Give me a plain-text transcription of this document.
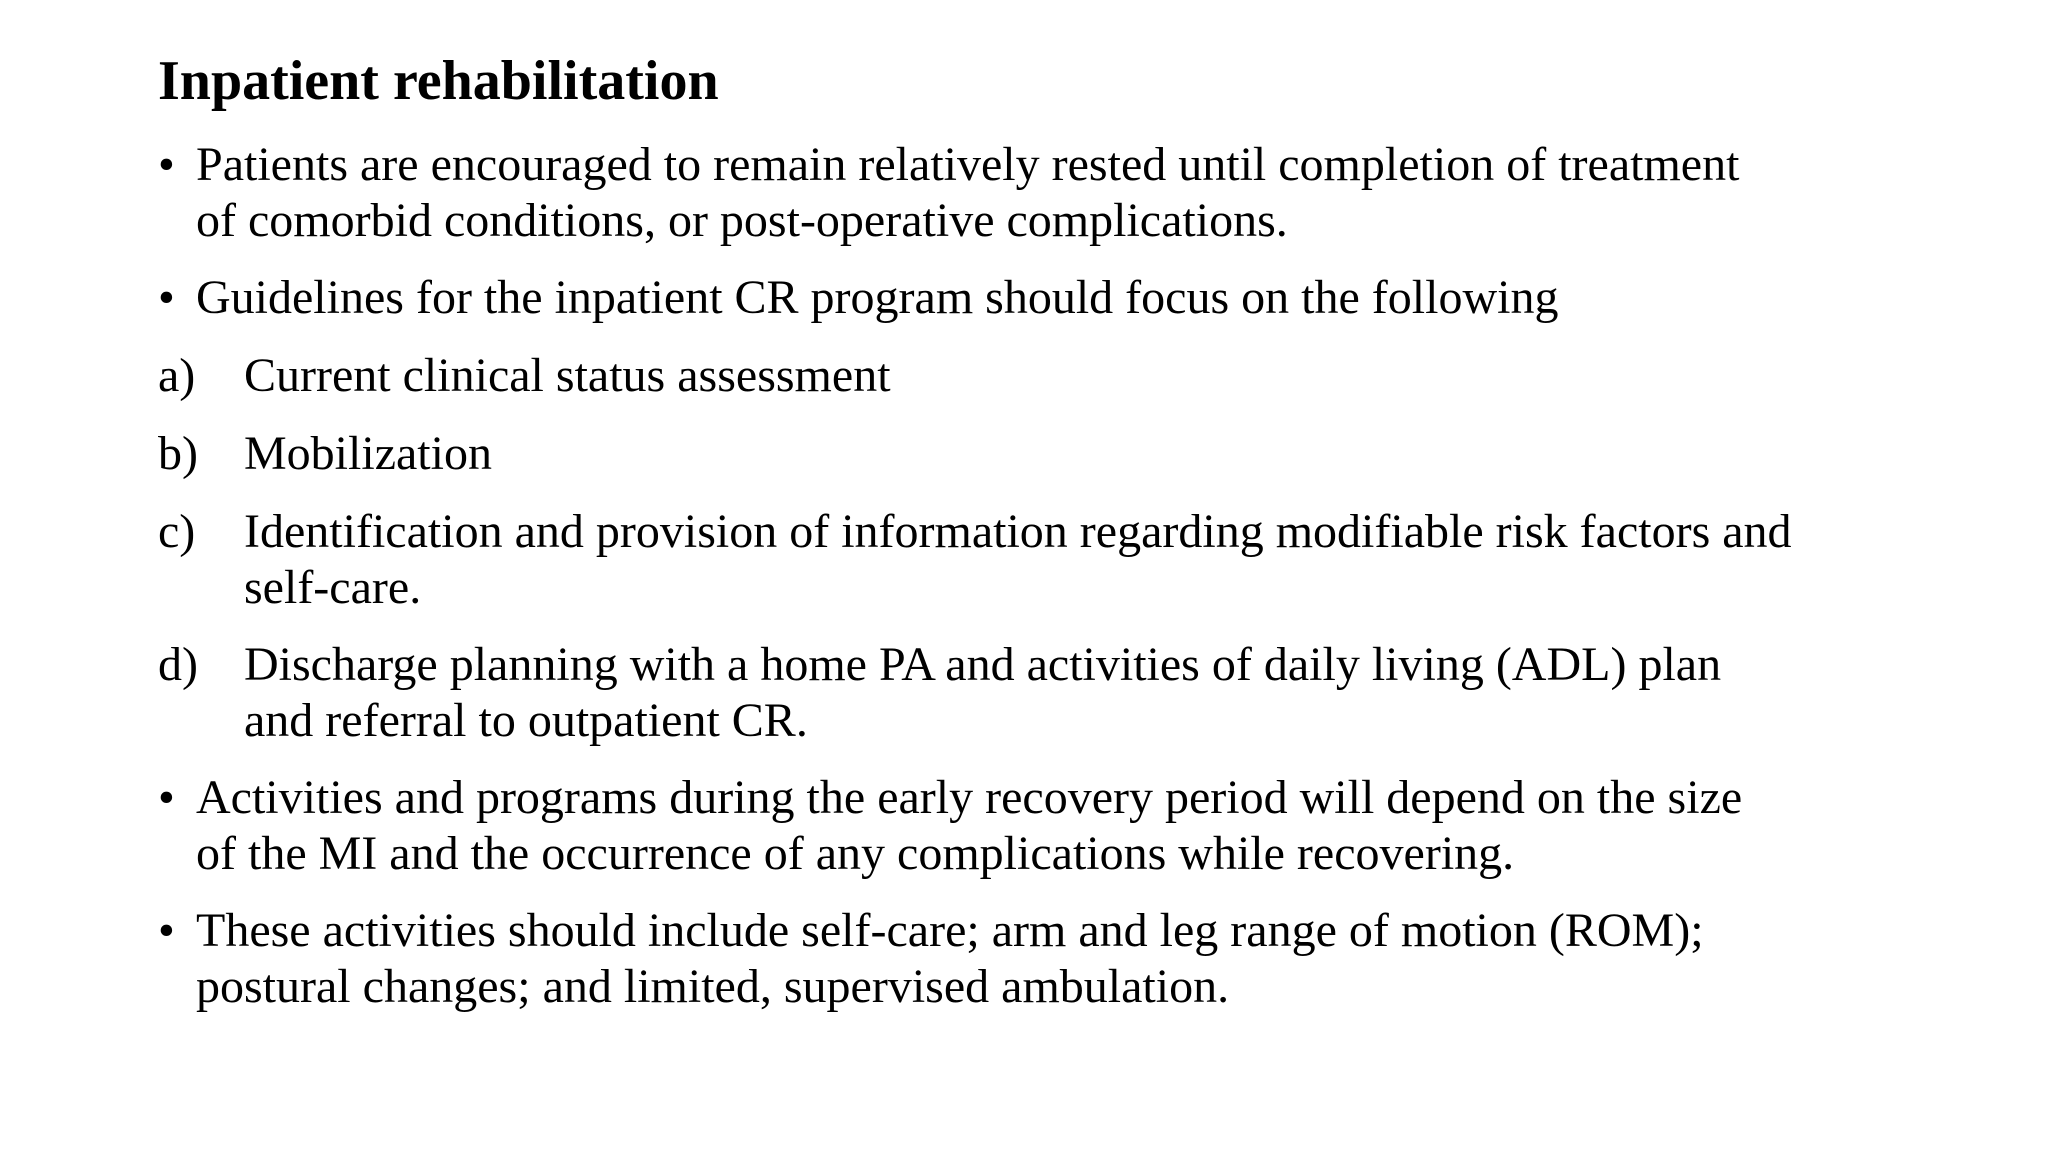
Inpatient rehabilitation
• Patients are encouraged to remain relatively rested until completion of treatment
of comorbid conditions, or post-operative complications.
• Guidelines for the inpatient CR program should focus on the following
a) Current clinical status assessment
b) Mobilization
c) Identification and provision of information regarding modifiable risk factors and
self-care.
d) Discharge planning with a home PA and activities of daily living (ADL) plan
and referral to outpatient CR.
• Activities and programs during the early recovery period will depend on the size
of the MI and the occurrence of any complications while recovering.
• These activities should include self-care; arm and leg range of motion (ROM);
postural changes; and limited, supervised ambulation.
